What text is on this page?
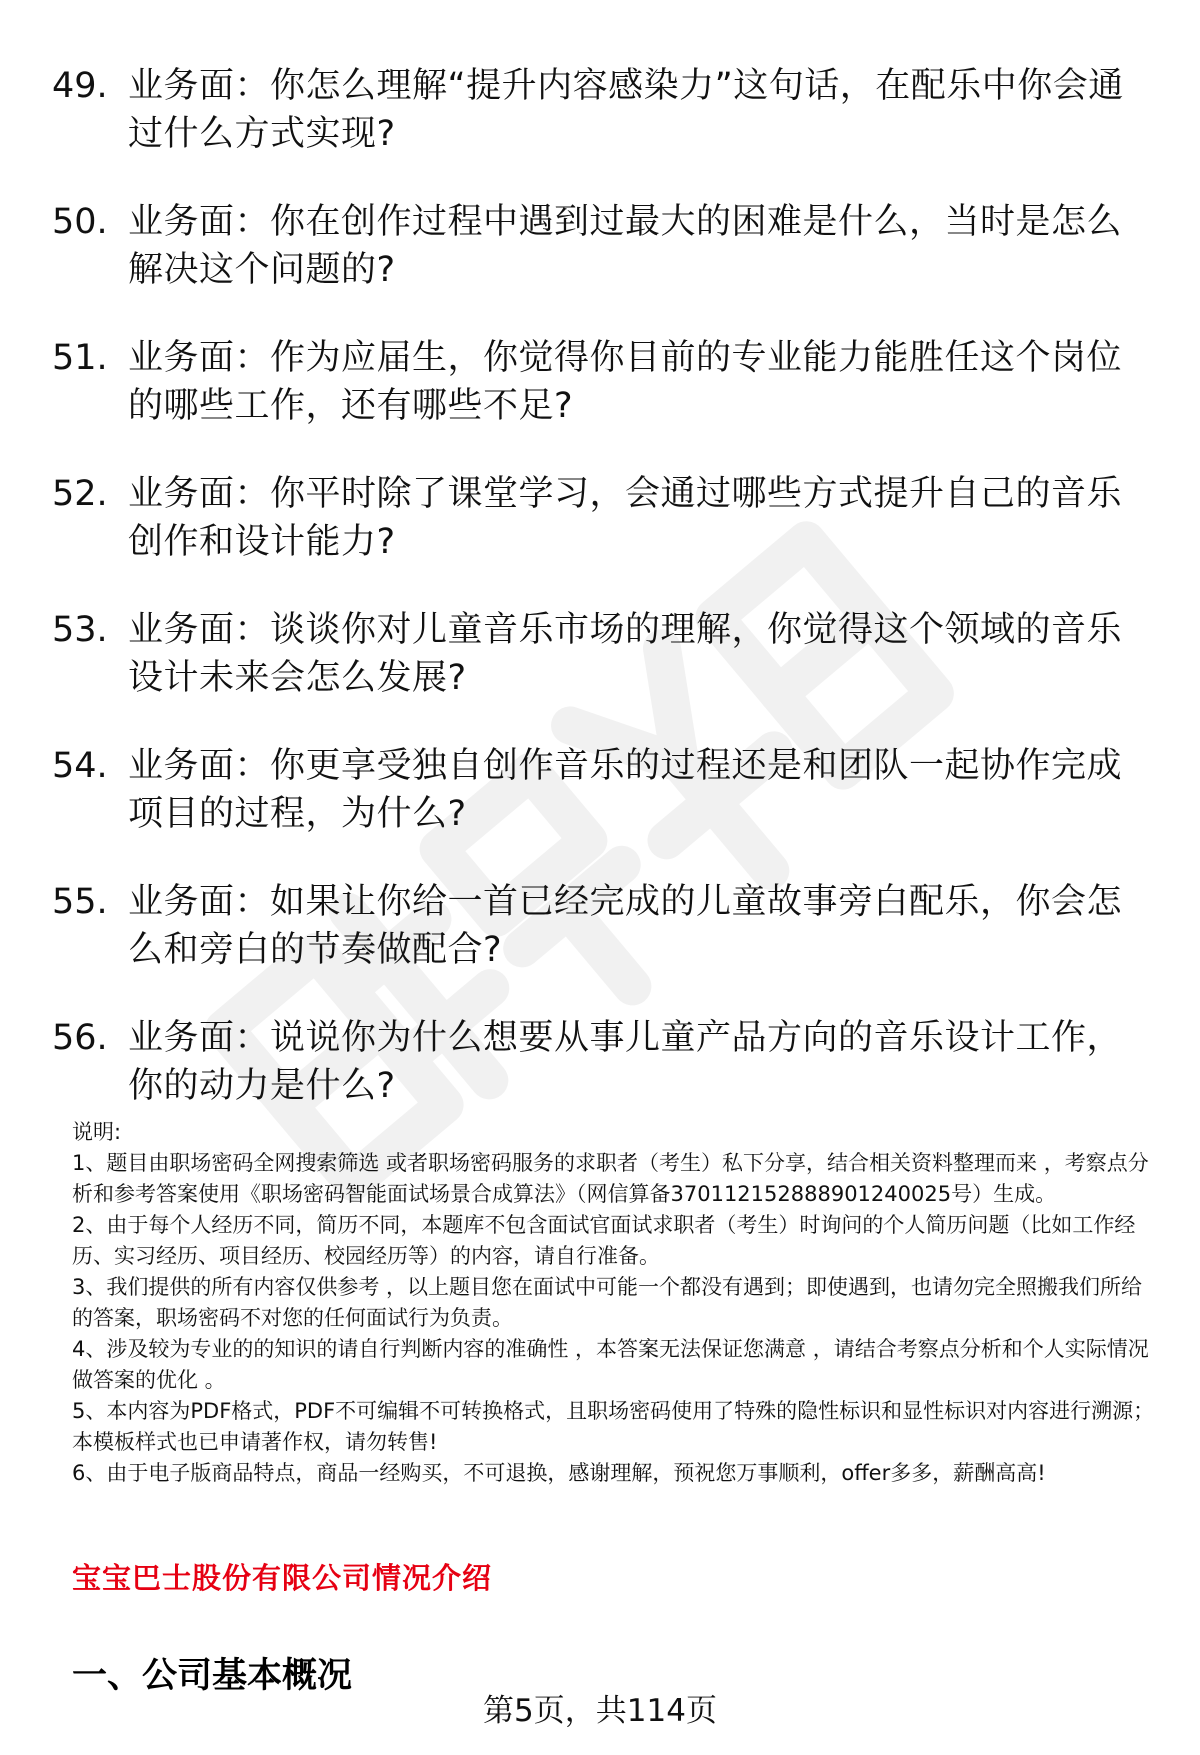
49. 业务面：你怎么理解“提升内容感染力”这句话，在配乐中你会通过什么方式实现?
50. 业务面：你在创作过程中遇到过最大的困难是什么，当时是怎么解决这个问题的?
51. 业务面：作为应届生，你觉得你目前的专业能力能胜任这个岗位的哪些工作，还有哪些不足?
52. 业务面：你平时除了课堂学习，会通过哪些方式提升自己的音乐创作和设计能力?
53. 业务面：谈谈你对儿童音乐市场的理解，你觉得这个领域的音乐设计未来会怎么发展?
54. 业务面：你更享受独自创作音乐的过程还是和团队一起协作完成项目的过程，为什么?
55. 业务面：如果让你给一首已经完成的儿童故事旁白配乐，你会怎么和旁白的节奏做配合?
56. 业务面：说说你为什么想要从事儿童产品方向的音乐设计工作，你的动力是什么?

说明:

1、题目由职场密码全网搜索筛选 或者职场密码服务的求职者（考生）私下分享，结合相关资料整理而来 ，考察点分析和参考答案使用《职场密码智能面试场景合成算法》（网信算备370112152888901240025号）生成。

2、由于每个人经历不同，简历不同，本题库不包含面试官面试求职者（考生）时询问的个人简历问题（比如工作经历、实习经历、项目经历、校园经历等）的内容，请自行准备。

3、我们提供的所有内容仅供参考 ，以上题目您在面试中可能一个都没有遇到；即使遇到，也请勿完全照搬我们所给的答案，职场密码不对您的任何面试行为负责。

4、涉及较为专业的的知识的请自行判断内容的准确性 ，本答案无法保证您满意 ，请结合考察点分析和个人实际情况做答案的优化 。

5、本内容为PDF格式，PDF不可编辑不可转换格式，且职场密码使用了特殊的隐性标识和显性标识对内容进行溯源；本模板样式也已申请著作权，请勿转售!

6、由于电子版商品特点，商品一经购买，不可退换，感谢理解，预祝您万事顺利，offer多多，薪酬高高!

宝宝巴士股份有限公司情况介绍
一、公司基本概况
第5页，共114页
